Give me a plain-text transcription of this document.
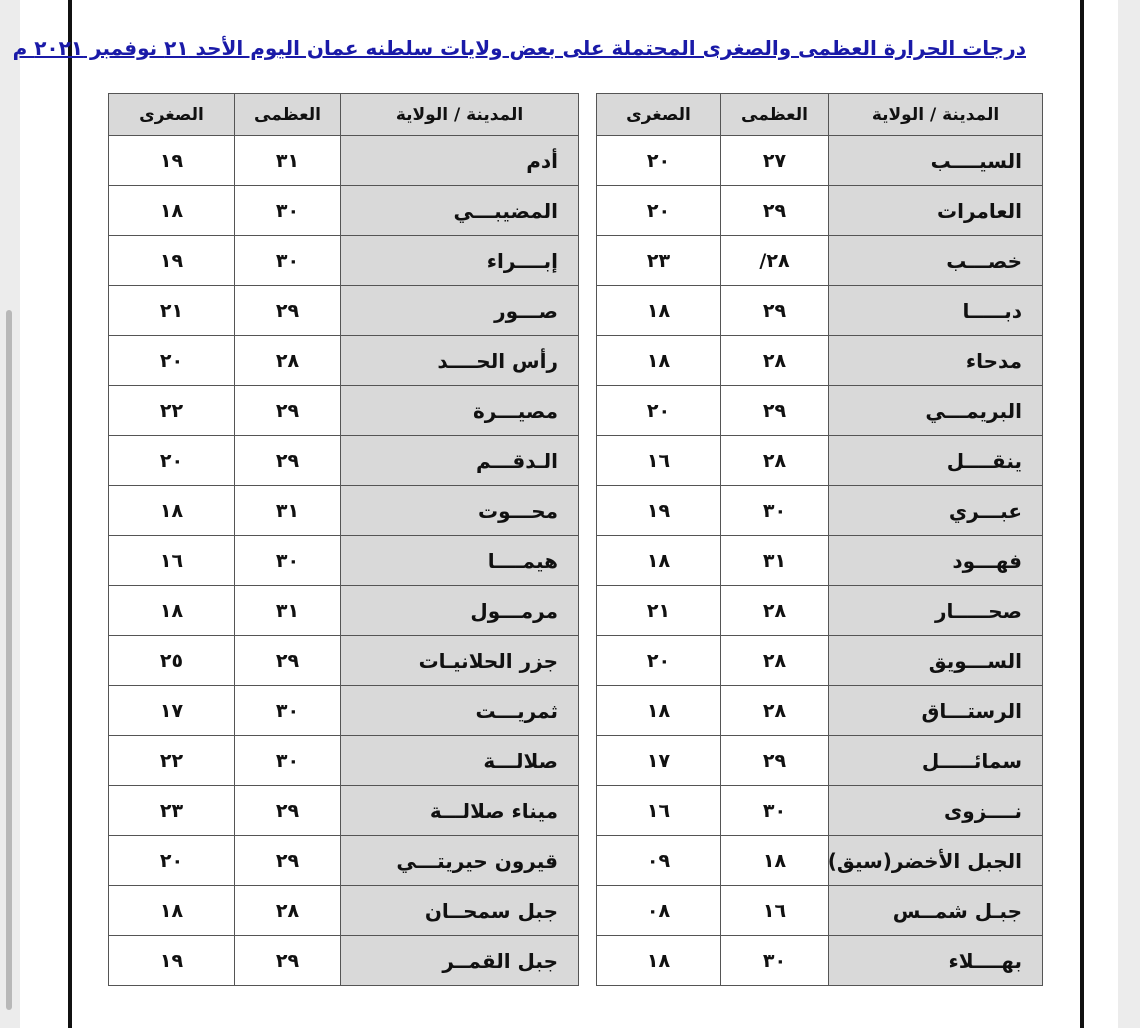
درجات الحرارة العظمى والصغرى المحتملة على بعض ولايات سلطنه عمان اليوم الأحد ٢١ نوفمبر ٢٠٢١ م
المدينة / الولاية	العظمى	الصغرى
السيــــب	٢٧	٢٠
العامرات	٢٩	٢٠
خصـــب	٢٨/	٢٣
دبـــــا	٢٩	١٨
مدحاء	٢٨	١٨
البريمـــي	٢٩	٢٠
ينقــــل	٢٨	١٦
عبـــري	٣٠	١٩
فهـــود	٣١	١٨
صحـــــار	٢٨	٢١
الســـويق	٢٨	٢٠
الرستـــاق	٢٨	١٨
سمائـــــل	٢٩	١٧
نــــزوى	٣٠	١٦
الجبل الأخضر(سيق)	١٨	٠٩
جبـل شمــس	١٦	٠٨
بهــــلاء	٣٠	١٨
المدينة / الولاية	العظمى	الصغرى
أدم	٣١	١٩
المضيبـــي	٣٠	١٨
إبــــراء	٣٠	١٩
صـــور	٢٩	٢١
رأس الحــــد	٢٨	٢٠
مصيـــرة	٢٩	٢٢
الـدقـــم	٢٩	٢٠
محـــوت	٣١	١٨
هيمــــا	٣٠	١٦
مرمـــول	٣١	١٨
جزر الحلانيـات	٢٩	٢٥
ثمريـــت	٣٠	١٧
صلالـــة	٣٠	٢٢
ميناء صلالـــة	٢٩	٢٣
قيرون حيريتـــي	٢٩	٢٠
جبل سمحــان	٢٨	١٨
جبل القمــر	٢٩	١٩
